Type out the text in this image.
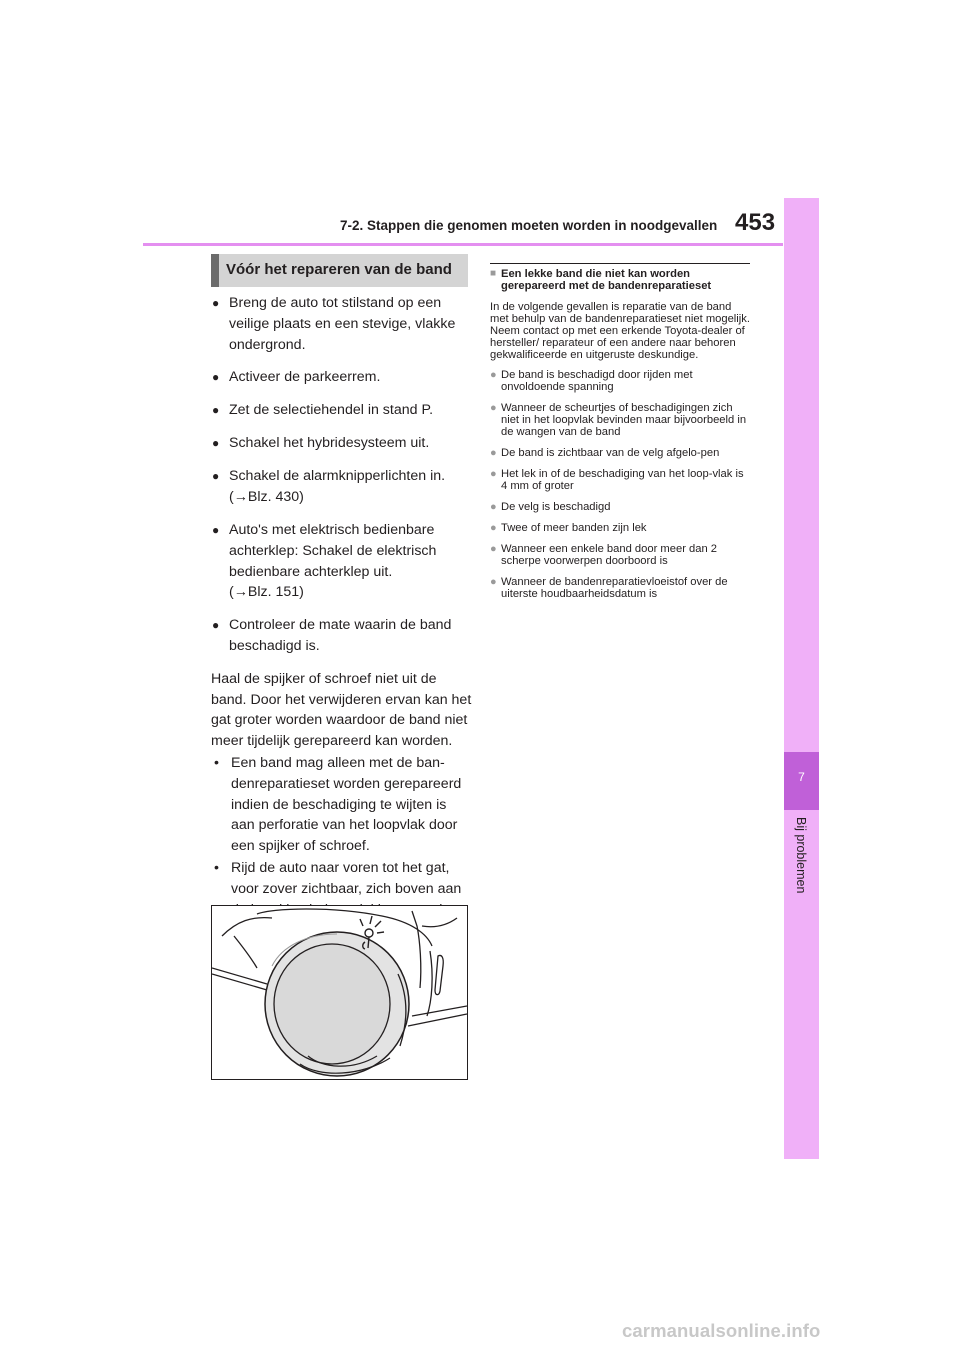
7-2. Stappen die genomen moeten worden in noodgevallen 453
7
Bij problemen
Vóór het repareren van de band
● Breng de auto tot stilstand op een veilige plaats en een stevige, vlakke ondergrond.
● Activeer de parkeerrem.
● Zet de selectiehendel in stand P.
● Schakel het hybridesysteem uit.
● Schakel de alarmknipperlichten in.
(→Blz. 430)
● Auto's met elektrisch bedienbare achterklep: Schakel de elektrisch bedienbare achterklep uit.
(→Blz. 151)
● Controleer de mate waarin de band beschadigd is.

Haal de spijker of schroef niet uit de band. Door het verwijderen ervan kan het gat groter worden waardoor de band niet meer tijdelijk gerepareerd kan worden.

• Een band mag alleen met de ban-denreparatieset worden gerepareerd indien de beschadiging te wijten is aan perforatie van het loopvlak door een spijker of schroef.
• Rijd de auto naar voren tot het gat, voor zover zichtbaar, zich boven aan
■ Een lekke band die niet kan worden gerepareerd met de bandenreparatieset
In de volgende gevallen is reparatie van de band met behulp van de bandenreparatieset niet mogelijk. Neem contact op met een erkende Toyota-dealer of hersteller/ reparateur of een andere naar behoren gekwalificeerde en uitgeruste deskundige.
● De band is beschadigd door rijden met onvoldoende spanning
● Wanneer de scheurtjes of beschadigingen zich niet in het loopvlak bevinden maar bijvoorbeeld in de wangen van de band
● De band is zichtbaar van de velg afgelo-pen
● Het lek in of de beschadiging van het loop-vlak is 4 mm of groter
● De velg is beschadigd
● Twee of meer banden zijn lek
● Wanneer een enkele band door meer dan 2 scherpe voorwerpen doorboord is
● Wanneer de bandenreparatievloeistof over de uiterste houdbaarheidsdatum is
carmanualsonline.info
